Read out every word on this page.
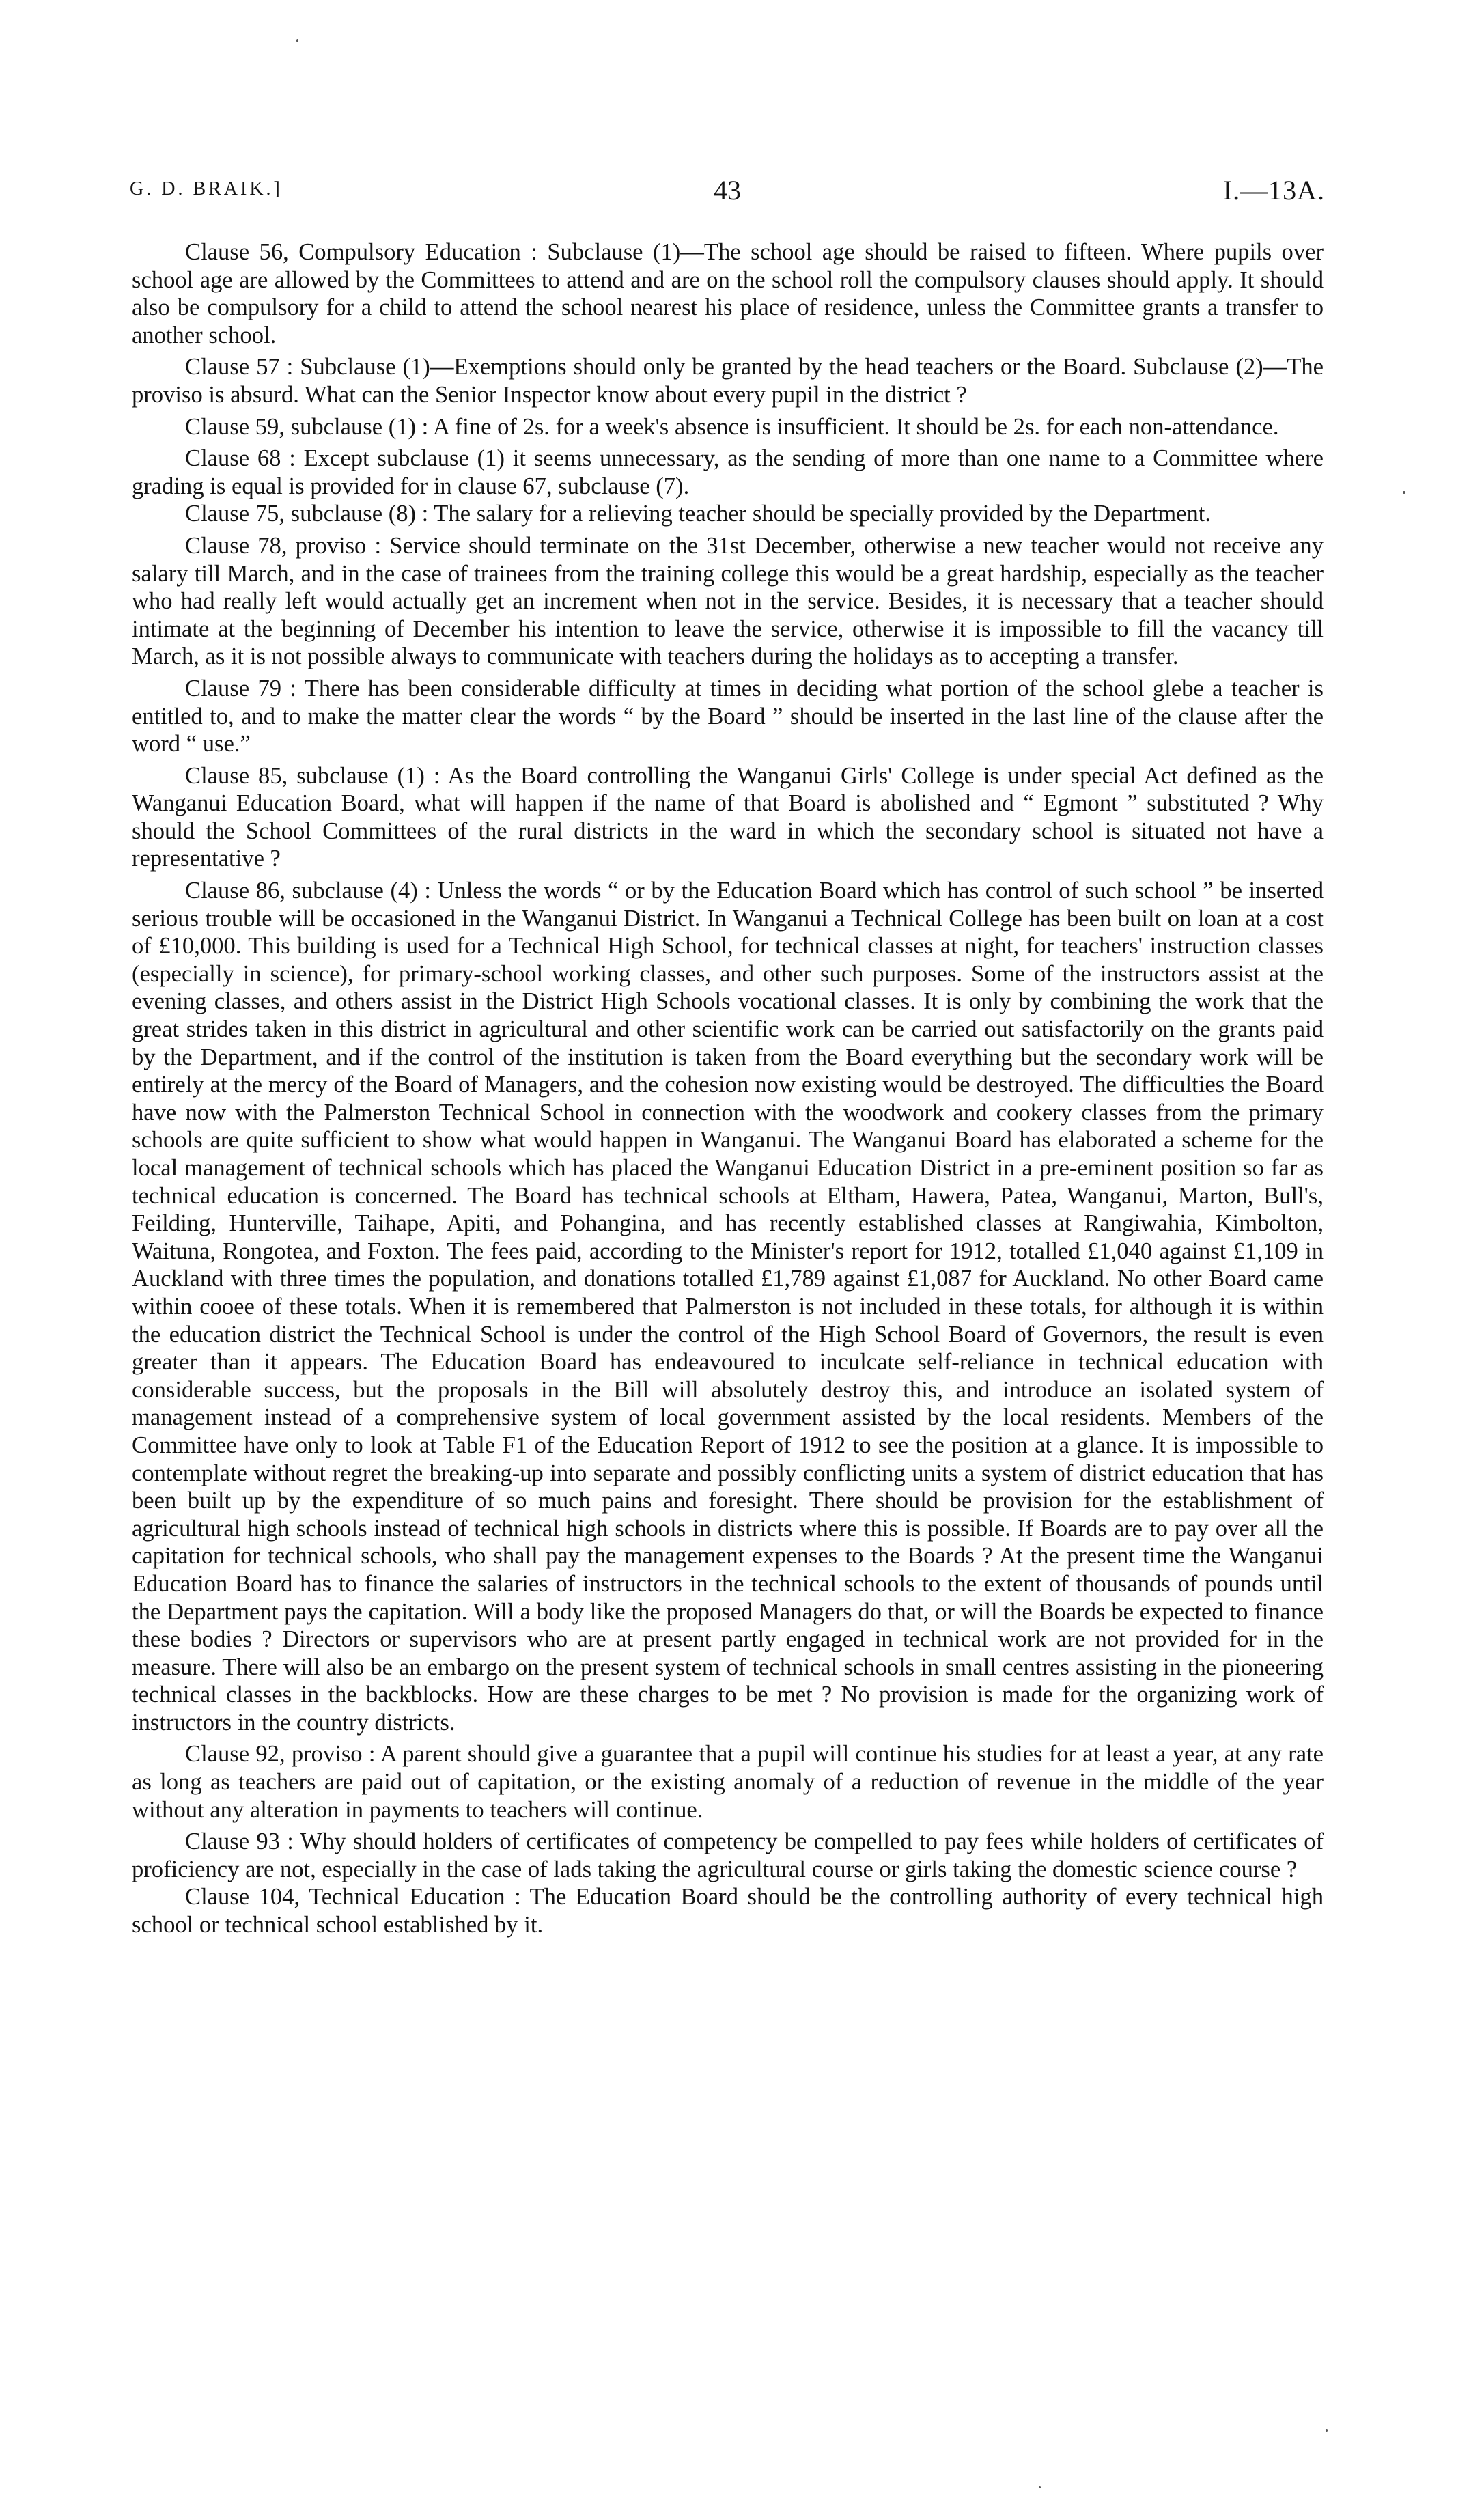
G. D. BRAIK.]	43	I.—13A.

Clause 56, Compulsory Education : Subclause (1)—The school age should be raised to fifteen. Where pupils over school age are allowed by the Committees to attend and are on the school roll the compulsory clauses should apply. It should also be compulsory for a child to attend the school nearest his place of residence, unless the Committee grants a transfer to another school.

Clause 57 : Subclause (1)—Exemptions should only be granted by the head teachers or the Board. Subclause (2)—The proviso is absurd. What can the Senior Inspector know about every pupil in the district ?

Clause 59, subclause (1) : A fine of 2s. for a week's absence is insufficient. It should be 2s. for each non-attendance.

Clause 68 : Except subclause (1) it seems unnecessary, as the sending of more than one name to a Committee where grading is equal is provided for in clause 67, subclause (7).

Clause 75, subclause (8) : The salary for a relieving teacher should be specially provided by the Department.

Clause 78, proviso : Service should terminate on the 31st December, otherwise a new teacher would not receive any salary till March, and in the case of trainees from the training college this would be a great hardship, especially as the teacher who had really left would actually get an increment when not in the service. Besides, it is necessary that a teacher should intimate at the beginning of December his intention to leave the service, otherwise it is impossible to fill the vacancy till March, as it is not possible always to communicate with teachers during the holidays as to accepting a transfer.

Clause 79 : There has been considerable difficulty at times in deciding what portion of the school glebe a teacher is entitled to, and to make the matter clear the words “ by the Board ” should be inserted in the last line of the clause after the word “ use.”

Clause 85, subclause (1) : As the Board controlling the Wanganui Girls' College is under special Act defined as the Wanganui Education Board, what will happen if the name of that Board is abolished and “ Egmont ” substituted ? Why should the School Committees of the rural districts in the ward in which the secondary school is situated not have a representative ?

Clause 86, subclause (4) : Unless the words “ or by the Education Board which has control of such school ” be inserted serious trouble will be occasioned in the Wanganui District. In Wanganui a Technical College has been built on loan at a cost of £10,000. This building is used for a Technical High School, for technical classes at night, for teachers' instruction classes (especially in science), for primary-school working classes, and other such purposes. Some of the instructors assist at the evening classes, and others assist in the District High Schools vocational classes. It is only by combining the work that the great strides taken in this district in agricultural and other scientific work can be carried out satisfactorily on the grants paid by the Department, and if the control of the institution is taken from the Board everything but the secondary work will be entirely at the mercy of the Board of Managers, and the cohesion now existing would be destroyed. The difficulties the Board have now with the Palmerston Technical School in connection with the woodwork and cookery classes from the primary schools are quite sufficient to show what would happen in Wanganui. The Wanganui Board has elaborated a scheme for the local management of technical schools which has placed the Wanganui Education District in a pre-eminent position so far as technical education is concerned. The Board has technical schools at Eltham, Hawera, Patea, Wanganui, Marton, Bull's, Feilding, Hunterville, Taihape, Apiti, and Pohangina, and has recently established classes at Rangiwahia, Kimbolton, Waituna, Rongotea, and Foxton. The fees paid, according to the Minister's report for 1912, totalled £1,040 against £1,109 in Auckland with three times the population, and donations totalled £1,789 against £1,087 for Auckland. No other Board came within cooee of these totals. When it is remembered that Palmerston is not included in these totals, for although it is within the education district the Technical School is under the control of the High School Board of Governors, the result is even greater than it appears. The Education Board has endeavoured to inculcate self-reliance in technical education with considerable success, but the proposals in the Bill will absolutely destroy this, and introduce an isolated system of management instead of a comprehensive system of local government assisted by the local residents. Members of the Committee have only to look at Table F1 of the Education Report of 1912 to see the position at a glance. It is impossible to contemplate without regret the breaking-up into separate and possibly conflicting units a system of district education that has been built up by the expenditure of so much pains and foresight. There should be provision for the establishment of agricultural high schools instead of technical high schools in districts where this is possible. If Boards are to pay over all the capitation for technical schools, who shall pay the management expenses to the Boards ? At the present time the Wanganui Education Board has to finance the salaries of instructors in the technical schools to the extent of thousands of pounds until the Department pays the capitation. Will a body like the proposed Managers do that, or will the Boards be expected to finance these bodies ? Directors or supervisors who are at present partly engaged in technical work are not provided for in the measure. There will also be an embargo on the present system of technical schools in small centres assisting in the pioneering technical classes in the backblocks. How are these charges to be met ? No provision is made for the organizing work of instructors in the country districts.

Clause 92, proviso : A parent should give a guarantee that a pupil will continue his studies for at least a year, at any rate as long as teachers are paid out of capitation, or the existing anomaly of a reduction of revenue in the middle of the year without any alteration in payments to teachers will continue.

Clause 93 : Why should holders of certificates of competency be compelled to pay fees while holders of certificates of proficiency are not, especially in the case of lads taking the agricultural course or girls taking the domestic science course ?

Clause 104, Technical Education : The Education Board should be the controlling authority of every technical high school or technical school established by it.
